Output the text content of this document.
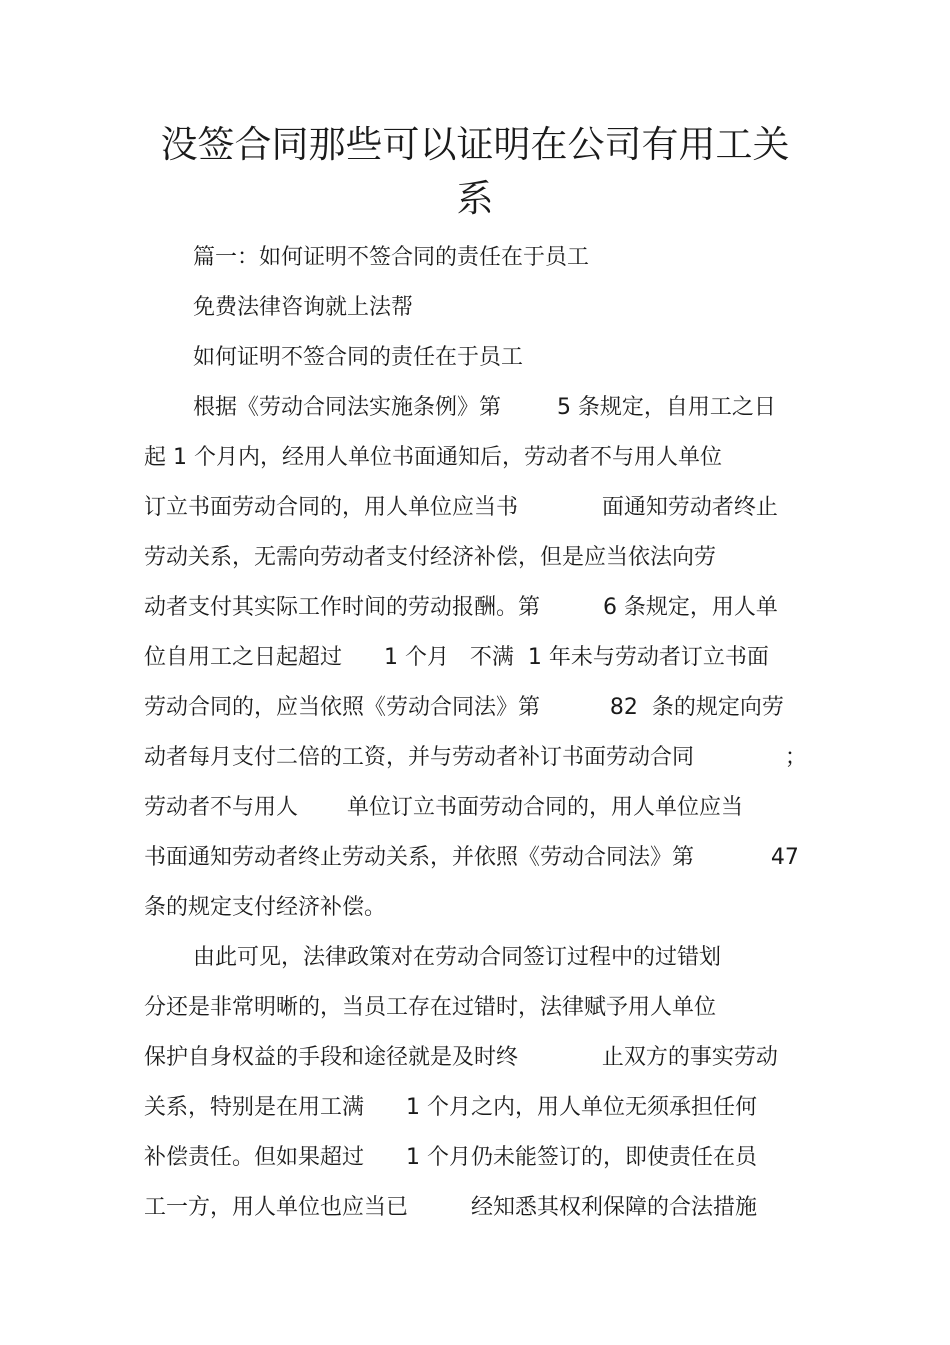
没签合同那些可以证明在公司有用工关
系

篇一：如何证明不签合同的责任在于员工

免费法律咨询就上法帮

如何证明不签合同的责任在于员工

根据《劳动合同法实施条例》第        5 条规定，自用工之日

起 1 个月内，经用人单位书面通知后，劳动者不与用人单位

订立书面劳动合同的，用人单位应当书            面通知劳动者终止

劳动关系，无需向劳动者支付经济补偿，但是应当依法向劳

动者支付其实际工作时间的劳动报酬。第         6 条规定，用人单

位自用工之日起超过      1 个月   不满  1 年未与劳动者订立书面

劳动合同的，应当依照《劳动合同法》第          82  条的规定向劳

动者每月支付二倍的工资，并与劳动者补订书面劳动合同             ；

劳动者不与用人       单位订立书面劳动合同的，用人单位应当

书面通知劳动者终止劳动关系，并依照《劳动合同法》第           47

条的规定支付经济补偿。

由此可见，法律政策对在劳动合同签订过程中的过错划

分还是非常明晰的，当员工存在过错时，法律赋予用人单位

保护自身权益的手段和途径就是及时终            止双方的事实劳动

关系，特别是在用工满      1 个月之内，用人单位无须承担任何

补偿责任。但如果超过      1 个月仍未能签订的，即使责任在员

工一方，用人单位也应当已         经知悉其权利保障的合法措施
